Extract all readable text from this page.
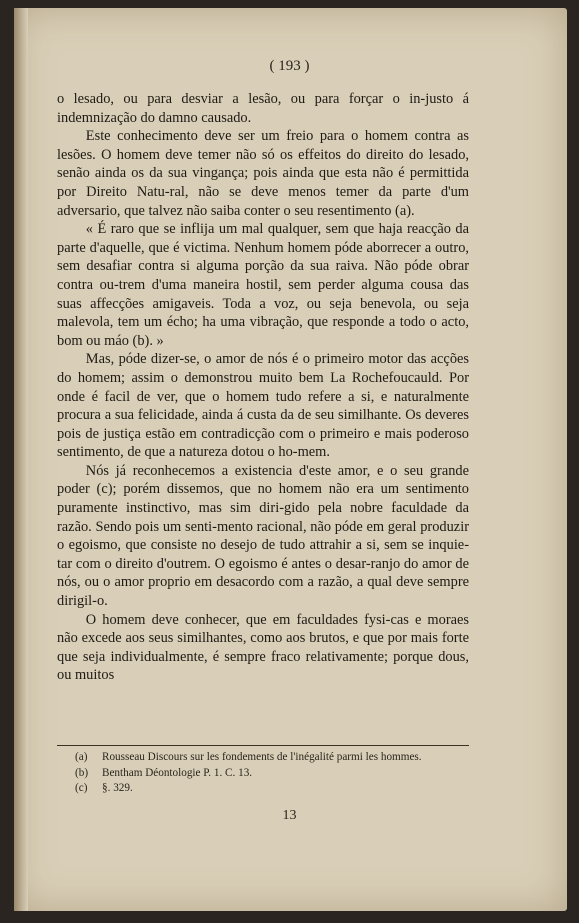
( 193 )

o lesado, ou para desviar a lesão, ou para forçar o in-justo á indemnização do damno causado.

Este conhecimento deve ser um freio para o homem contra as lesões. O homem deve temer não só os effeitos do direito do lesado, senão ainda os da sua vingança; pois ainda que esta não é permittida por Direito Natu-ral, não se deve menos temer da parte d'um adversario, que talvez não saiba conter o seu resentimento (a).

« É raro que se inflija um mal qualquer, sem que haja reacção da parte d'aquelle, que é victima. Nenhum homem póde aborrecer a outro, sem desafiar contra si alguma porção da sua raiva. Não póde obrar contra ou-trem d'uma maneira hostil, sem perder alguma cousa das suas affecções amigaveis. Toda a voz, ou seja benevola, ou seja malevola, tem um écho; ha uma vibração, que responde a todo o acto, bom ou máo (b). »

Mas, póde dizer-se, o amor de nós é o primeiro motor das acções do homem; assim o demonstrou muito bem La Rochefoucauld. Por onde é facil de ver, que o homem tudo refere a si, e naturalmente procura a sua felicidade, ainda á custa da de seu similhante. Os deveres pois de justiça estão em contradicção com o primeiro e mais poderoso sentimento, de que a natureza dotou o ho-mem.

Nós já reconhecemos a existencia d'este amor, e o seu grande poder (c); porém dissemos, que no homem não era um sentimento puramente instinctivo, mas sim diri-gido pela nobre faculdade da razão. Sendo pois um senti-mento racional, não póde em geral produzir o egoismo, que consiste no desejo de tudo attrahir a si, sem se inquie-tar com o direito d'outrem. O egoismo é antes o desar-ranjo do amor de nós, ou o amor proprio em desacordo com a razão, a qual deve sempre dirigil-o.

O homem deve conhecer, que em faculdades fysi-cas e moraes não excede aos seus similhantes, como aos brutos, e que por mais forte que seja individualmente, é sempre fraco relativamente; porque dous, ou muitos

(a) Rousseau Discours sur les fondements de l'inégalité parmi les hommes.
(b) Bentham Déontologie P. 1. C. 13.
(c) §. 329.
13
